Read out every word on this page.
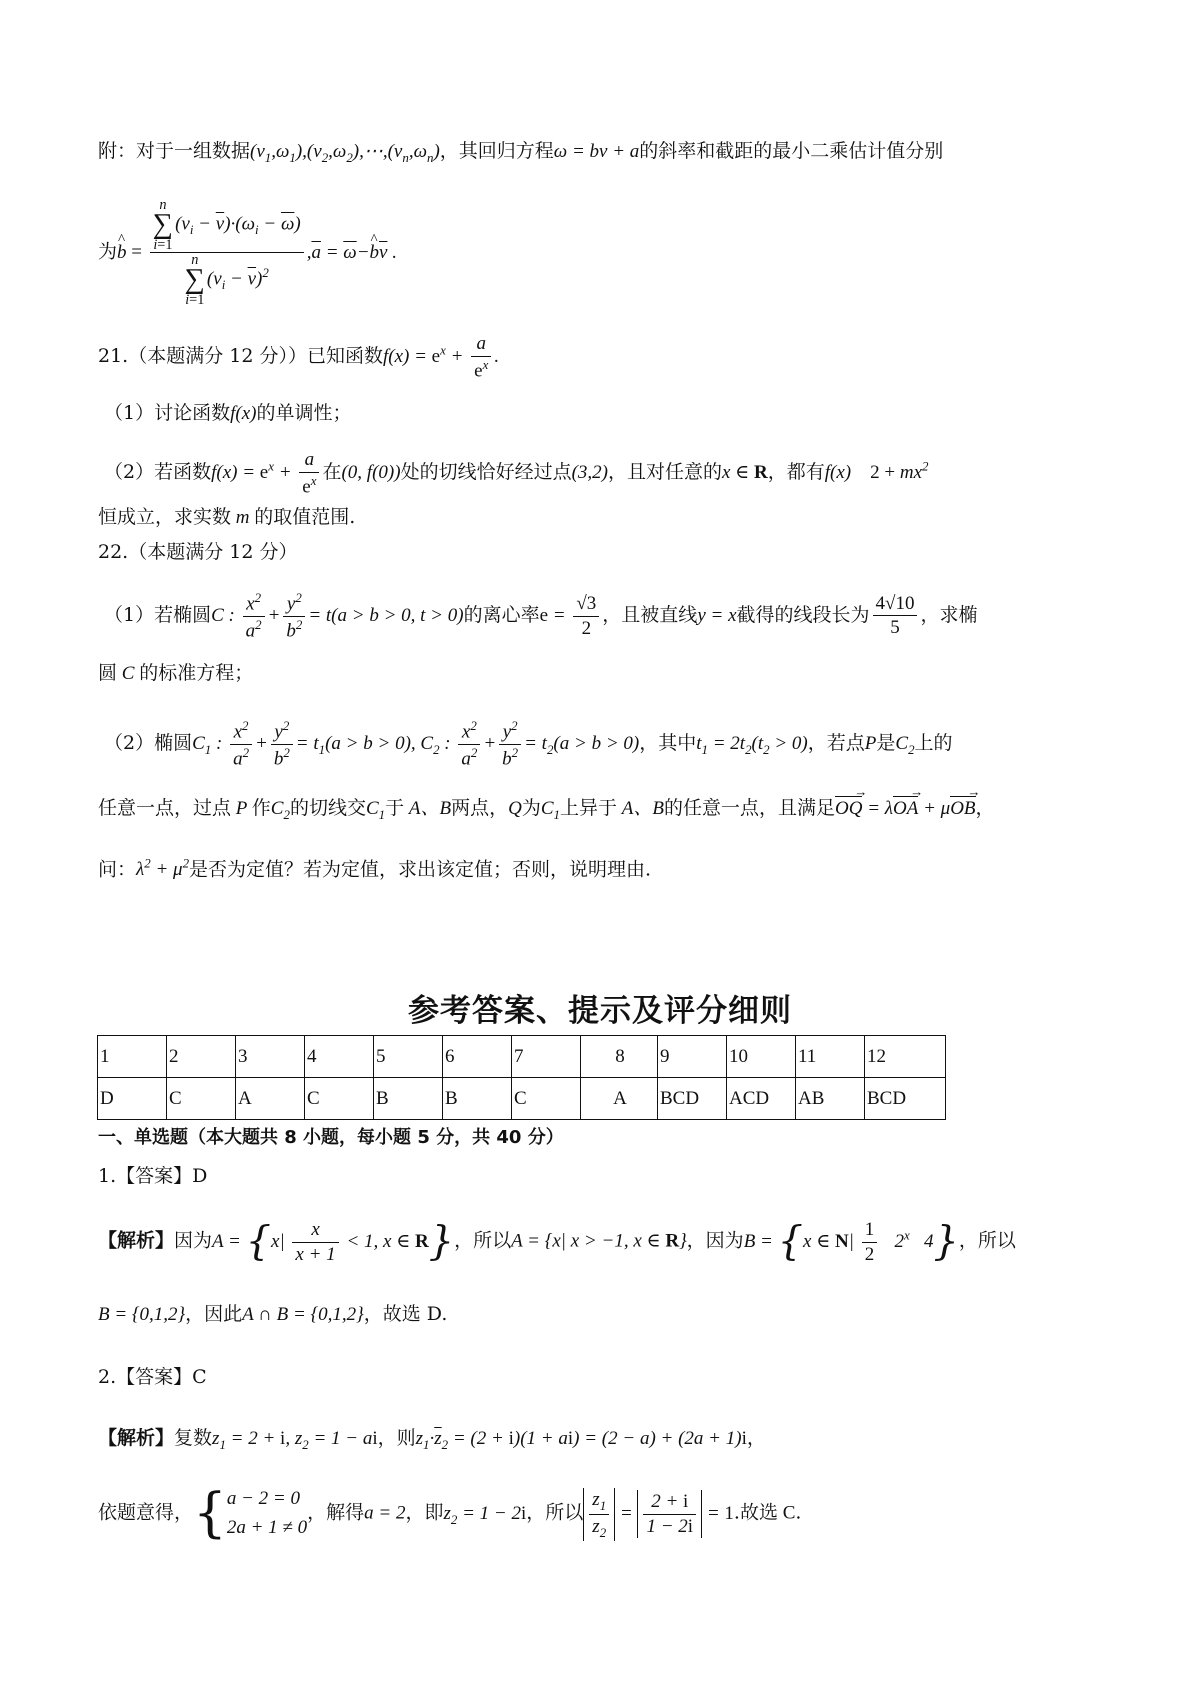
附：对于一组数据$(v_1,\omega_1),(v_2,\omega_2),\cdots,(v_n,\omega_n)$，其回归方程ω = bv + a的斜率和截距的最小二乘估计值分别
为^ b = n
∑
$i=1(v_i - \overline{v})\cdot(\omega_i - \overline{\omega})$
n
∑
$i=1(v_i - \overline{v})^2$ $,\overline{a}$ = $\overline{\omega}-\^{}$ $b\overline{v}$ .
21.（本题满分 12 分））已知函数$f(x) = e^x + \frac{a}{e^x}$ .
（1）讨论函数f(x)的单调性；
（2）若函数$f(x) = e^x + \frac{a}{e^x}$ 在(0, f(0))处的切线恰好经过点(3,2)，且对任意的x ∈ R，都有f(x)    $2 + mx^2$
恒成立，求实数 m 的取值范围.
22.（本题满分 12 分）
（1）若椭圆C : $\frac{x^2}{a^2} + \frac{y^2}{b^2} = t(a > b > 0$, t > 0)的离心率$e = \frac{√3}{2}$ ，且被直线y = x截得的线段长为 $\frac{4√10}{5}$ ，求椭
圆 C 的标准方程；
（2）椭圆$C_1$ : $\frac{x^2}{a^2} + \frac{y^2}{b^2} = t_1(a > b > 0)$, $C_2$ : $\frac{x^2}{a^2} + \frac{y^2}{b^2} = t_2(a > b > 0)$，其中$t_1 = 2t_2(t_2 > 0)$，若点P是$C_2$上的
任意一点，过点 P 作$C_2$的切线交$C_1$于 A、B两点，Q为$C_1$上异于 A、B的任意一点，且满足OQ → = λOA → + μOB →，
问：$\lambda^2 + \mu^2$是否为定值？若为定值，求出该定值；否则，说明理由.
参考答案、提示及评分细则
1	2	3	4	5	6	7	8	9	10	11	12
D	C	A	C	B	B	C	A	BCD	ACD	AB	BCD
一、单选题（本大题共 8 小题，每小题 5 分，共 40 分）
1.【答案】D
【解析】因为$A = \{x| \frac{x}{x + 1} < 1$, x ∈ R}，所以A = {x| x > −1, x ∈ R}，因为B = {x ∈ $N| \frac{1}{2} 2^x$   4}，所以
B = {0,1,2}，因此A ∩ B = {0,1,2}，故选 D.
2.【答案】C
【解析】复数$z_1 = 2 + i$, $z_2 = 1$ − ai，则$z_1\cdot\overline{z}_2 = (2 + i)(1 + ai) = (2 - a) + (2a + 1)i$，
依题意得，{a − 2 = 0
2a + 1 ≠ 0，解得a = 2，即$z_2 = 1 - 2i$，所以 $\frac{z_1}{z_2} = \frac{2 + i}{1 - 2i} = 1$.故选 C.
